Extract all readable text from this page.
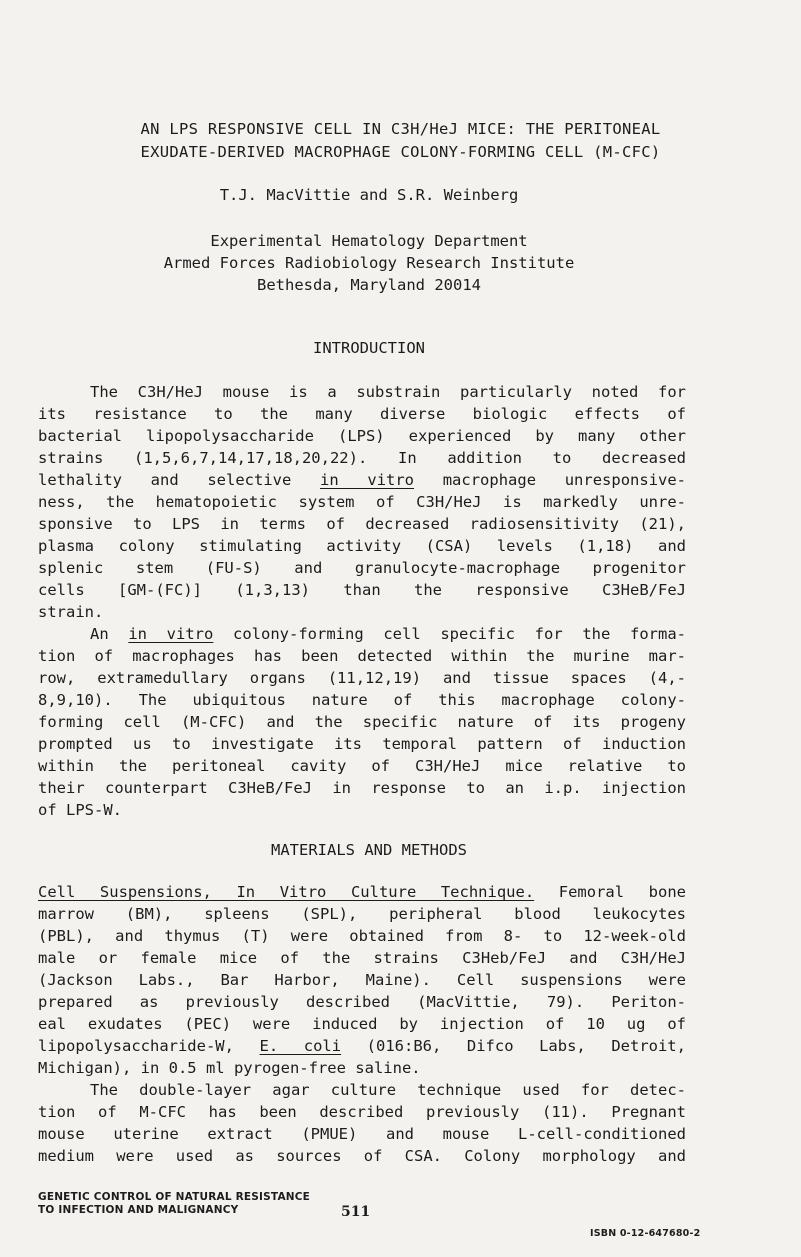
AN LPS RESPONSIVE CELL IN C3H/HeJ MICE: THE PERITONEAL
EXUDATE-DERIVED MACROPHAGE COLONY-FORMING CELL (M-CFC)
T.J. MacVittie and S.R. Weinberg
Experimental Hematology Department
Armed Forces Radiobiology Research Institute
Bethesda, Maryland 20014
INTRODUCTION
The C3H/HeJ mouse is a substrain particularly noted for
its resistance to the many diverse biologic effects of
bacterial lipopolysaccharide (LPS) experienced by many other
strains (1,5,6,7,14,17,18,20,22). In addition to decreased
lethality and selective in vitro macrophage unresponsive-
ness, the hematopoietic system of C3H/HeJ is markedly unre-
sponsive to LPS in terms of decreased radiosensitivity (21),
plasma colony stimulating activity (CSA) levels (1,18) and
splenic stem (FU-S) and granulocyte-macrophage progenitor
cells [GM-(FC)] (1,3,13) than the responsive C3HeB/FeJ
strain.
An in vitro colony-forming cell specific for the forma-
tion of macrophages has been detected within the murine mar-
row, extramedullary organs (11,12,19) and tissue spaces (4,-
8,9,10). The ubiquitous nature of this macrophage colony-
forming cell (M-CFC) and the specific nature of its progeny
prompted us to investigate its temporal pattern of induction
within the peritoneal cavity of C3H/HeJ mice relative to
their counterpart C3HeB/FeJ in response to an i.p. injection
of LPS-W.
MATERIALS AND METHODS
Cell Suspensions, In Vitro Culture Technique. Femoral bone
marrow (BM), spleens (SPL), peripheral blood leukocytes
(PBL), and thymus (T) were obtained from 8- to 12-week-old
male or female mice of the strains C3Heb/FeJ and C3H/HeJ
(Jackson Labs., Bar Harbor, Maine). Cell suspensions were
prepared as previously described (MacVittie, 79). Periton-
eal exudates (PEC) were induced by injection of 10 ug of
lipopolysaccharide-W, E. coli (016:B6, Difco Labs, Detroit,
Michigan), in 0.5 ml pyrogen-free saline.
The double-layer agar culture technique used for detec-
tion of M-CFC has been described previously (11). Pregnant
mouse uterine extract (PMUE) and mouse L-cell-conditioned
medium were used as sources of CSA. Colony morphology and
GENETIC CONTROL OF NATURAL RESISTANCE
TO INFECTION AND MALIGNANCY	511
ISBN 0-12-647680-2
